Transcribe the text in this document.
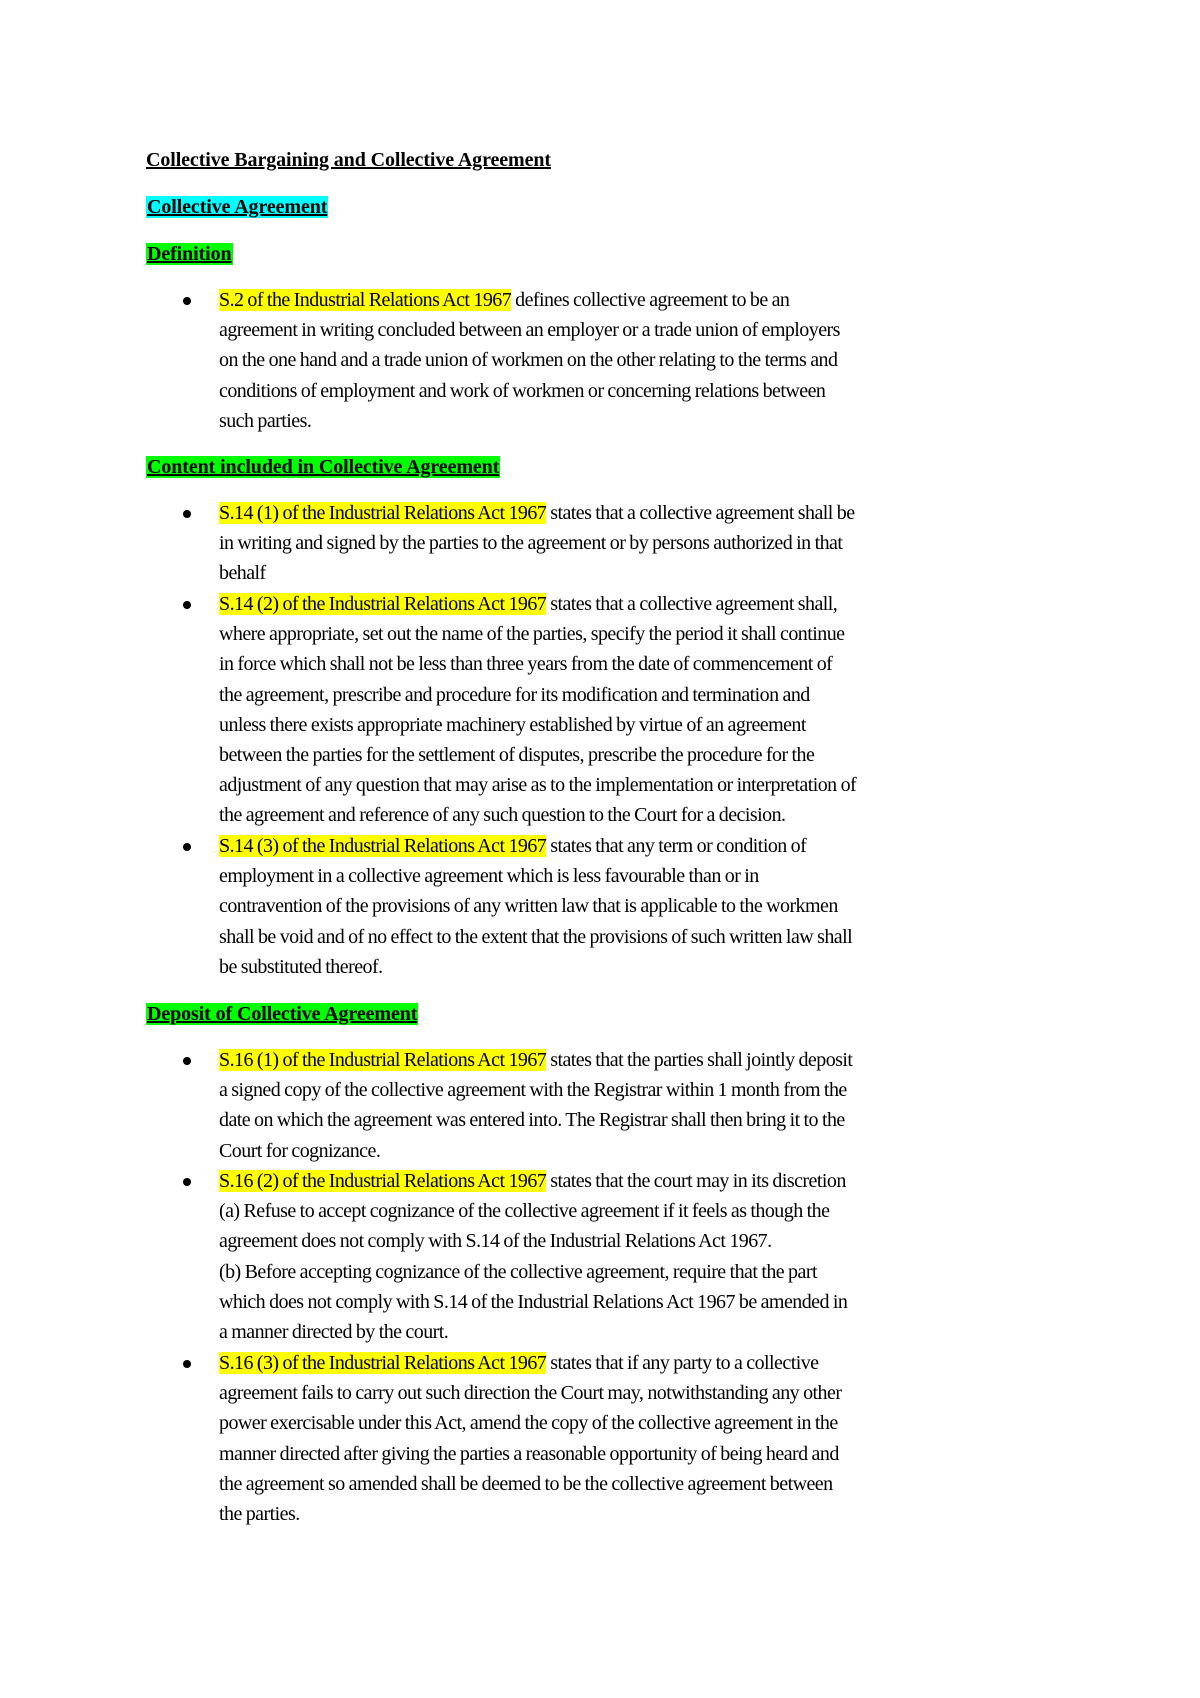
Collective Bargaining and Collective Agreement
Collective Agreement
Definition
S.2 of the Industrial Relations Act 1967 defines collective agreement to be an
agreement in writing concluded between an employer or a trade union of employers
on the one hand and a trade union of workmen on the other relating to the terms and
conditions of employment and work of workmen or concerning relations between
such parties.
Content included in Collective Agreement
S.14 (1) of the Industrial Relations Act 1967 states that a collective agreement shall be
in writing and signed by the parties to the agreement or by persons authorized in that
behalf
S.14 (2) of the Industrial Relations Act 1967 states that a collective agreement shall,
where appropriate, set out the name of the parties, specify the period it shall continue
in force which shall not be less than three years from the date of commencement of
the agreement, prescribe and procedure for its modification and termination and
unless there exists appropriate machinery established by virtue of an agreement
between the parties for the settlement of disputes, prescribe the procedure for the
adjustment of any question that may arise as to the implementation or interpretation of
the agreement and reference of any such question to the Court for a decision.
S.14 (3) of the Industrial Relations Act 1967 states that any term or condition of
employment in a collective agreement which is less favourable than or in
contravention of the provisions of any written law that is applicable to the workmen
shall be void and of no effect to the extent that the provisions of such written law shall
be substituted thereof.
Deposit of Collective Agreement
S.16 (1) of the Industrial Relations Act 1967 states that the parties shall jointly deposit
a signed copy of the collective agreement with the Registrar within 1 month from the
date on which the agreement was entered into. The Registrar shall then bring it to the
Court for cognizance.
S.16 (2) of the Industrial Relations Act 1967 states that the court may in its discretion
(a) Refuse to accept cognizance of the collective agreement if it feels as though the
agreement does not comply with S.14 of the Industrial Relations Act 1967.
(b) Before accepting cognizance of the collective agreement, require that the part
which does not comply with S.14 of the Industrial Relations Act 1967 be amended in
a manner directed by the court.
S.16 (3) of the Industrial Relations Act 1967 states that if any party to a collective
agreement fails to carry out such direction the Court may, notwithstanding any other
power exercisable under this Act, amend the copy of the collective agreement in the
manner directed after giving the parties a reasonable opportunity of being heard and
the agreement so amended shall be deemed to be the collective agreement between
the parties.
